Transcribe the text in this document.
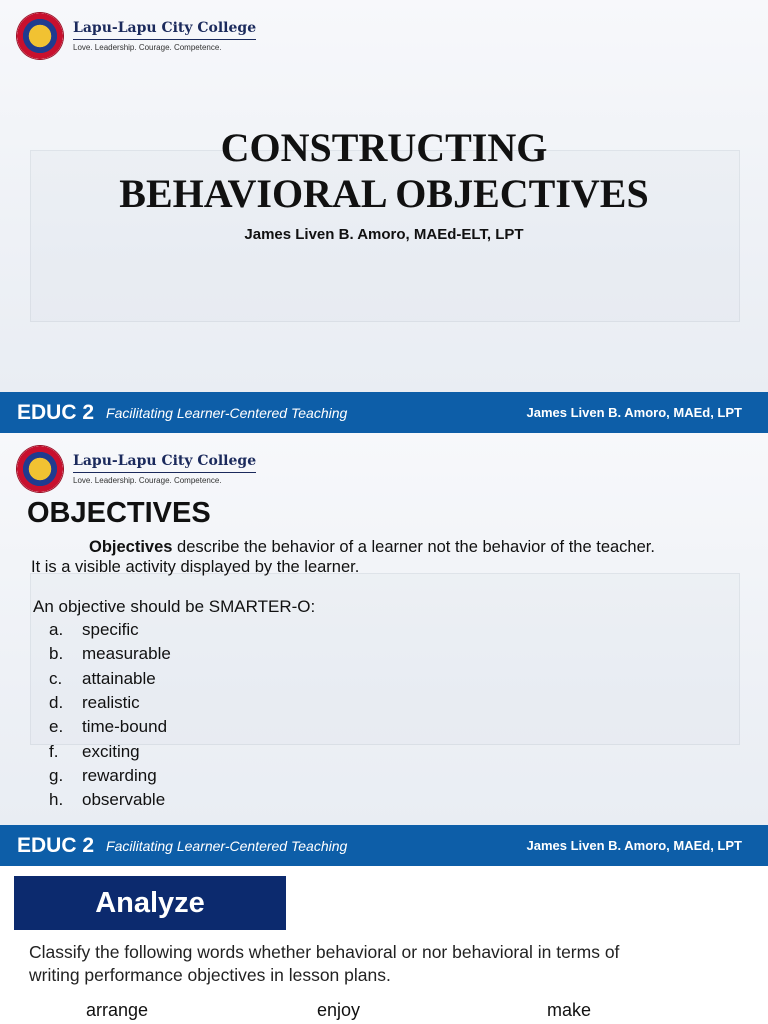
Lapu-Lapu City College
Love. Leadership. Courage. Competence.
CONSTRUCTING
BEHAVIORAL OBJECTIVES
James Liven B. Amoro, MAEd-ELT, LPT
EDUC 2 Facilitating Learner-Centered Teaching	James Liven B. Amoro, MAEd, LPT
Lapu-Lapu City College
Love. Leadership. Courage. Competence.
OBJECTIVES
Objectives describe the behavior of a learner not the behavior of the teacher.
It is a visible activity displayed by the learner.
An objective should be SMARTER-O:
a.	specific
b.	measurable
c.	attainable
d.	realistic
e.	time-bound
f.	exciting
g.	rewarding
h.	observable
EDUC 2 Facilitating Learner-Centered Teaching	James Liven B. Amoro, MAEd, LPT
Analyze
Classify the following words whether behavioral or nor behavioral in terms of
writing performance objectives in lesson plans.
arrange	enjoy	make
